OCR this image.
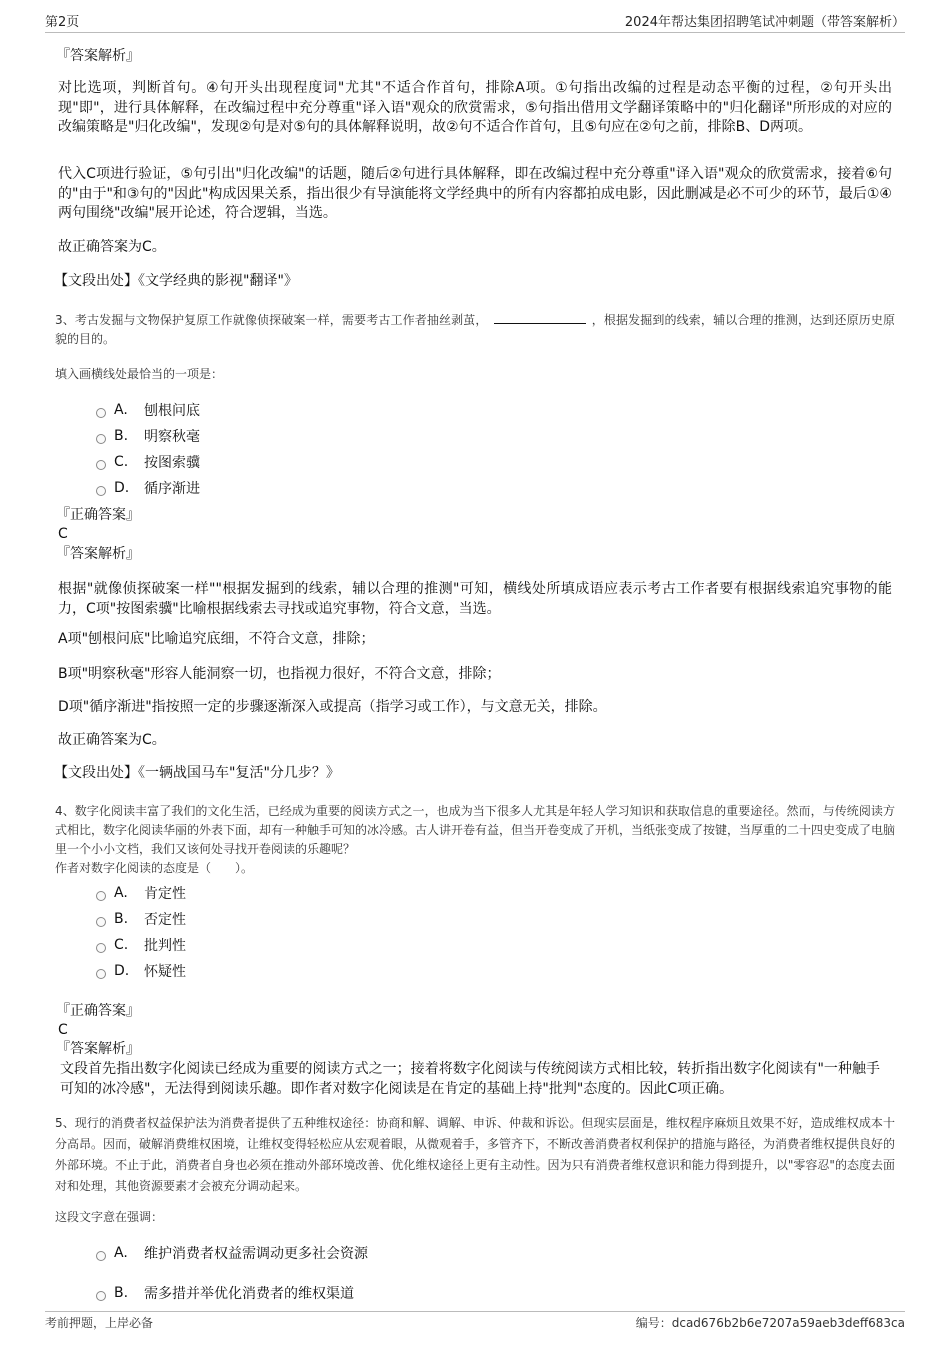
第2页	2024年帮达集团招聘笔试冲刺题（带答案解析）
『答案解析』
对比选项，判断首句。④句开头出现程度词"尤其"不适合作首句，排除A项。①句指出改编的过程是动态平衡的过程，②句开头出现"即"，进行具体解释，在改编过程中充分尊重"译入语"观众的欣赏需求，⑤句指出借用文学翻译策略中的"归化翻译"所形成的对应的改编策略是"归化改编"，发现②句是对⑤句的具体解释说明，故②句不适合作首句，且⑤句应在②句之前，排除B、D两项。
代入C项进行验证，⑤句引出"归化改编"的话题，随后②句进行具体解释，即在改编过程中充分尊重"译入语"观众的欣赏需求，接着⑥句的"由于"和③句的"因此"构成因果关系，指出很少有导演能将文学经典中的所有内容都拍成电影，因此删减是必不可少的环节，最后①④两句围绕"改编"展开论述，符合逻辑，当选。
故正确答案为C。
【文段出处】《文学经典的影视"翻译"》
3、考古发掘与文物保护复原工作就像侦探破案一样，需要考古工作者抽丝剥茧，	，根据发掘到的线索，辅以合理的推测，达到还原历史原貌的目的。
填入画横线处最恰当的一项是：
A.	刨根问底
B.	明察秋毫
C.	按图索骥
D.	循序渐进
『正确答案』
C
『答案解析』
根据"就像侦探破案一样""根据发掘到的线索，辅以合理的推测"可知，横线处所填成语应表示考古工作者要有根据线索追究事物的能力，C项"按图索骥"比喻根据线索去寻找或追究事物，符合文意，当选。
A项"刨根问底"比喻追究底细，不符合文意，排除；
B项"明察秋毫"形容人能洞察一切，也指视力很好，不符合文意，排除；
D项"循序渐进"指按照一定的步骤逐渐深入或提高（指学习或工作），与文意无关，排除。
故正确答案为C。
【文段出处】《一辆战国马车"复活"分几步？》
4、数字化阅读丰富了我们的文化生活，已经成为重要的阅读方式之一，也成为当下很多人尤其是年轻人学习知识和获取信息的重要途径。然而，与传统阅读方式相比，数字化阅读华丽的外表下面，却有一种触手可知的冰冷感。古人讲开卷有益，但当开卷变成了开机，当纸张变成了按键，当厚重的二十四史变成了电脑里一个小小文档，我们又该何处寻找开卷阅读的乐趣呢？
作者对数字化阅读的态度是（　　）。
A.	肯定性
B.	否定性
C.	批判性
D.	怀疑性
『正确答案』
C
『答案解析』
文段首先指出数字化阅读已经成为重要的阅读方式之一；接着将数字化阅读与传统阅读方式相比较，转折指出数字化阅读有"一种触手可知的冰冷感"，无法得到阅读乐趣。即作者对数字化阅读是在肯定的基础上持"批判"态度的。因此C项正确。
5、现行的消费者权益保护法为消费者提供了五种维权途径：协商和解、调解、申诉、仲裁和诉讼。但现实层面是，维权程序麻烦且效果不好，造成维权成本十分高昂。因而，破解消费维权困境，让维权变得轻松应从宏观着眼，从微观着手，多管齐下，不断改善消费者权利保护的措施与路径，为消费者维权提供良好的外部环境。不止于此，消费者自身也必须在推动外部环境改善、优化维权途径上更有主动性。因为只有消费者维权意识和能力得到提升，以"零容忍"的态度去面对和处理，其他资源要素才会被充分调动起来。
这段文字意在强调：
A.	维护消费者权益需调动更多社会资源
B.	需多措并举优化消费者的维权渠道
考前押题，上岸必备	编号：dcad676b2b6e7207a59aeb3deff683ca
